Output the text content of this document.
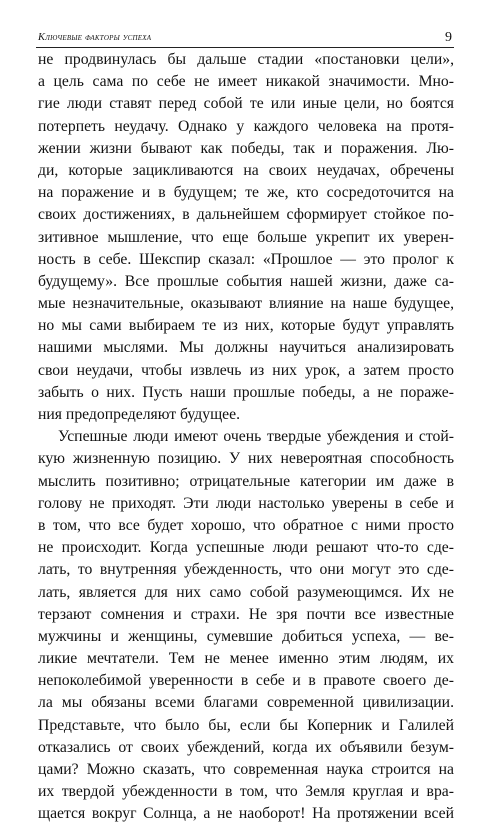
Ключевые факторы успеха	9
не продвинулась бы дальше стадии «постановки цели»,
а цель сама по себе не имеет никакой значимости. Мно-
гие люди ставят перед собой те или иные цели, но боятся
потерпеть неудачу. Однако у каждого человека на протя-
жении жизни бывают как победы, так и поражения. Лю-
ди, которые зацикливаются на своих неудачах, обречены
на поражение и в будущем; те же, кто сосредоточится на
своих достижениях, в дальнейшем сформирует стойкое по-
зитивное мышление, что еще больше укрепит их уверен-
ность в себе. Шекспир сказал: «Прошлое — это пролог к
будущему». Все прошлые события нашей жизни, даже са-
мые незначительные, оказывают влияние на наше будущее,
но мы сами выбираем те из них, которые будут управлять
нашими мыслями. Мы должны научиться анализировать
свои неудачи, чтобы извлечь из них урок, а затем просто
забыть о них. Пусть наши прошлые победы, а не пораже-
ния предопределяют будущее.
Успешные люди имеют очень твердые убеждения и стой-
кую жизненную позицию. У них невероятная способность
мыслить позитивно; отрицательные категории им даже в
голову не приходят. Эти люди настолько уверены в себе и
в том, что все будет хорошо, что обратное с ними просто
не происходит. Когда успешные люди решают что-то сде-
лать, то внутренняя убежденность, что они могут это сде-
лать, является для них само собой разумеющимся. Их не
терзают сомнения и страхи. Не зря почти все известные
мужчины и женщины, сумевшие добиться успеха, — ве-
ликие мечтатели. Тем не менее именно этим людям, их
непоколебимой уверенности в себе и в правоте своего де-
ла мы обязаны всеми благами современной цивилизации.
Представьте, что было бы, если бы Коперник и Галилей
отказались от своих убеждений, когда их объявили безум-
цами? Можно сказать, что современная наука строится на
их твердой убежденности в том, что Земля круглая и вра-
щается вокруг Солнца, а не наоборот! На протяжении всей
